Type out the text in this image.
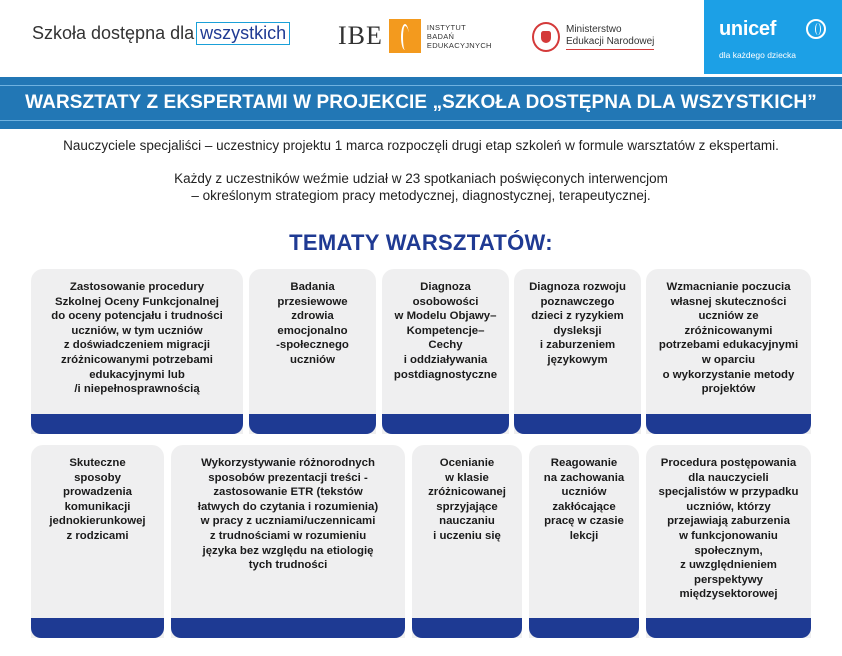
Szkoła dostępna dla wszystkich IBE	INSTYTUT
BADAŃ
EDUKACYJNYCH
Ministerstwo
Edukacji Narodowej
unicef
dla każdego dziecka
WARSZTATY Z EKSPERTAMI W PROJEKCIE „SZKOŁA DOSTĘPNA DLA WSZYSTKICH”

Nauczyciele specjaliści – uczestnicy projektu 1 marca rozpoczęli drugi etap szkoleń w formule warsztatów z ekspertami.

Każdy z uczestników weźmie udział w 23 spotkaniach poświęconych interwencjom
– określonym strategiom pracy metodycznej, diagnostycznej, terapeutycznej.
TEMATY WARSZTATÓW:
Zastosowanie procedury
Szkolnej Oceny Funkcjonalnej
do oceny potencjału i trudności
uczniów, w tym uczniów
z doświadczeniem migracji
zróżnicowanymi potrzebami
edukacyjnymi lub
/i niepełnosprawnością
Badania
przesiewowe
zdrowia
emocjonalno
-społecznego
uczniów
Diagnoza
osobowości
w Modelu Objawy–
Kompetencje–
Cechy
i oddziaływania
postdiagnostyczne
Diagnoza rozwoju
poznawczego
dzieci z ryzykiem
dysleksji
i zaburzeniem
językowym
Wzmacnianie poczucia
własnej skuteczności
uczniów ze
zróżnicowanymi
potrzebami edukacyjnymi
w oparciu
o wykorzystanie metody
projektów
Skuteczne
sposoby
prowadzenia
komunikacji
jednokierunkowej
z rodzicami
Wykorzystywanie różnorodnych
sposobów prezentacji treści -
zastosowanie ETR (tekstów
łatwych do czytania i rozumienia)
w pracy z uczniami/uczennicami
z trudnościami w rozumieniu
języka bez względu na etiologię
tych trudności
Ocenianie
w klasie
zróżnicowanej
sprzyjające
nauczaniu
i uczeniu się
Reagowanie
na zachowania
uczniów
zakłócające
pracę w czasie
lekcji
Procedura postępowania
dla nauczycieli
specjalistów w przypadku
uczniów, którzy
przejawiają zaburzenia
w funkcjonowaniu
społecznym,
z uwzględnieniem
perspektywy
międzysektorowej
